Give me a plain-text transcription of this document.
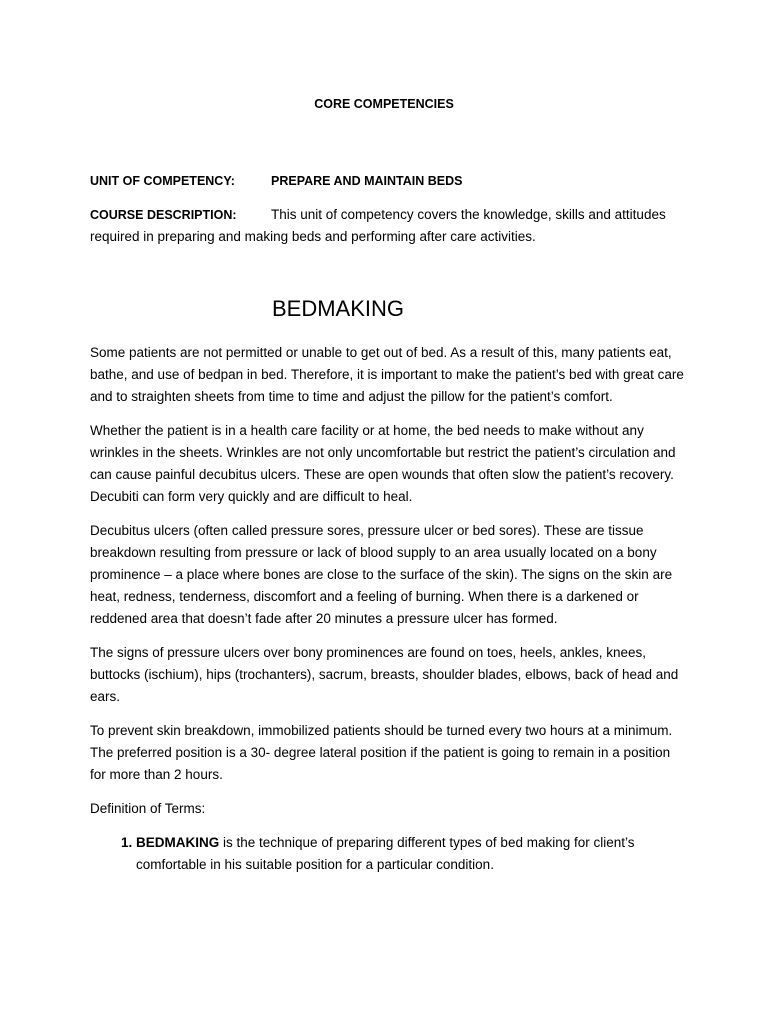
CORE COMPETENCIES

UNIT OF COMPETENCY:	PREPARE AND MAINTAIN BEDS
COURSE DESCRIPTION:	This unit of competency covers the knowledge, skills and attitudes required in preparing and making beds and performing after care activities.
BEDMAKING

Some patients are not permitted or unable to get out of bed. As a result of this, many patients eat, bathe, and use of bedpan in bed. Therefore, it is important to make the patient’s bed with great care and to straighten sheets from time to time and adjust the pillow for the patient’s comfort.

Whether the patient is in a health care facility or at home, the bed needs to make without any wrinkles in the sheets. Wrinkles are not only uncomfortable but restrict the patient’s circulation and can cause painful decubitus ulcers. These are open wounds that often slow the patient’s recovery. Decubiti can form very quickly and are difficult to heal.

Decubitus ulcers (often called pressure sores, pressure ulcer or bed sores). These are tissue breakdown resulting from pressure or lack of blood supply to an area usually located on a bony prominence – a place where bones are close to the surface of the skin). The signs on the skin are heat, redness, tenderness, discomfort and a feeling of burning. When there is a darkened or reddened area that doesn’t fade after 20 minutes a pressure ulcer has formed.

The signs of pressure ulcers over bony prominences are found on toes, heels, ankles, knees, buttocks (ischium), hips (trochanters), sacrum, breasts, shoulder blades, elbows, back of head and ears.

To prevent skin breakdown, immobilized patients should be turned every two hours at a minimum. The preferred position is a 30- degree lateral position if the patient is going to remain in a position for more than 2 hours.

Definition of Terms:

1. BEDMAKING is the technique of preparing different types of bed making for client’s comfortable in his suitable position for a particular condition.
